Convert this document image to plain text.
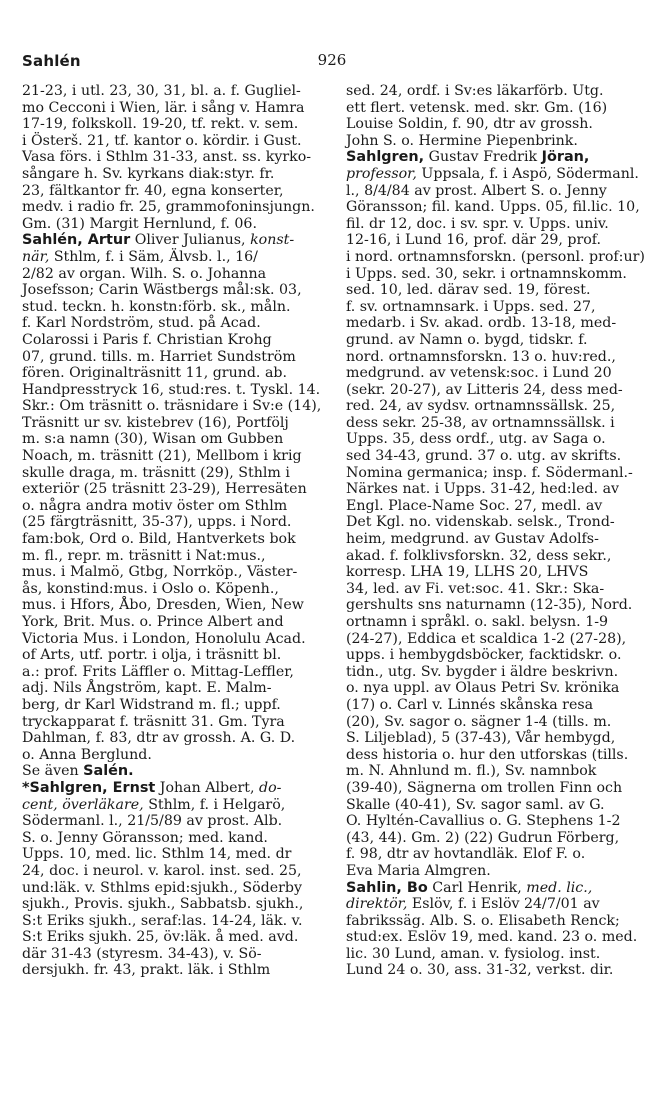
Sahlén	926
21-23, i utl. 23, 30, 31, bl. a. f. Gugliel-
mo Cecconi i Wien, lär. i sång v. Hamra
17-19, folkskoll. 19-20, tf. rekt. v. sem.
i Österš. 21, tf. kantor o. kördir. i Gust.
Vasa förs. i Sthlm 31-33, anst. ss. kyrko-
sångare h. Sv. kyrkans diak:styr. fr.
23, fältkantor fr. 40, egna konserter,
medv. i radio fr. 25, grammofoninsjungn.
Gm. (31) Margit Hernlund, f. 06.
Sahlén, Artur Oliver Julianus, konst-
när, Sthlm, f. i Säm, Älvsb. l., 16/
2/82 av organ. Wilh. S. o. Johanna
Josefsson; Carin Wästbergs mål:sk. 03,
stud. teckn. h. konstn:förb. sk., måln.
f. Karl Nordström, stud. på Acad.
Colarossi i Paris f. Christian Krohg
07, grund. tills. m. Harriet Sundström
fören. Originalträsnitt 11, grund. ab.
Handpresstryck 16, stud:res. t. Tyskl. 14.
Skr.: Om träsnitt o. träsnidare i Sv:e (14),
Träsnitt ur sv. kistebrev (16), Portfölj
m. s:a namn (30), Wisan om Gubben
Noach, m. träsnitt (21), Mellbom i krig
skulle draga, m. träsnitt (29), Sthlm i
exteriör (25 träsnitt 23-29), Herresäten
o. några andra motiv öster om Sthlm
(25 färgträsnitt, 35-37), upps. i Nord.
fam:bok, Ord o. Bild, Hantverkets bok
m. fl., repr. m. träsnitt i Nat:mus.,
mus. i Malmö, Gtbg, Norrköp., Väster-
ås, konstind:mus. i Oslo o. Köpenh.,
mus. i Hfors, Åbo, Dresden, Wien, New
York, Brit. Mus. o. Prince Albert and
Victoria Mus. i London, Honolulu Acad.
of Arts, utf. portr. i olja, i träsnitt bl.
a.: prof. Frits Läffler o. Mittag-Leffler,
adj. Nils Ångström, kapt. E. Malm-
berg, dr Karl Widstrand m. fl.; uppf.
tryckapparat f. träsnitt 31. Gm. Tyra
Dahlman, f. 83, dtr av grossh. A. G. D.
o. Anna Berglund.
Se även Salén.
*Sahlgren, Ernst Johan Albert, do-
cent, överläkare, Sthlm, f. i Helgarö,
Södermanl. l., 21/5/89 av prost. Alb.
S. o. Jenny Göransson; med. kand.
Upps. 10, med. lic. Sthlm 14, med. dr
24, doc. i neurol. v. karol. inst. sed. 25,
und:läk. v. Sthlms epid:sjukh., Söderby
sjukh., Provis. sjukh., Sabbatsb. sjukh.,
S:t Eriks sjukh., seraf:las. 14-24, läk. v.
S:t Eriks sjukh. 25, öv:läk. å med. avd.
där 31-43 (styresm. 34-43), v. Sö-
dersjukh. fr. 43, prakt. läk. i Sthlm
sed. 24, ordf. i Sv:es läkarförb. Utg.
ett flert. vetensk. med. skr. Gm. (16)
Louise Soldin, f. 90, dtr av grossh.
John S. o. Hermine Piepenbrink.
Sahlgren, Gustav Fredrik Jöran,
professor, Uppsala, f. i Aspö, Södermanl.
l., 8/4/84 av prost. Albert S. o. Jenny
Göransson; fil. kand. Upps. 05, fil.lic. 10,
fil. dr 12, doc. i sv. spr. v. Upps. univ.
12-16, i Lund 16, prof. där 29, prof.
i nord. ortnamnsforskn. (personl. prof:ur)
i Upps. sed. 30, sekr. i ortnamnskomm.
sed. 10, led. därav sed. 19, förest.
f. sv. ortnamnsark. i Upps. sed. 27,
medarb. i Sv. akad. ordb. 13-18, med-
grund. av Namn o. bygd, tidskr. f.
nord. ortnamnsforskn. 13 o. huv:red.,
medgrund. av vetensk:soc. i Lund 20
(sekr. 20-27), av Litteris 24, dess med-
red. 24, av sydsv. ortnamnssällsk. 25,
dess sekr. 25-38, av ortnamnssällsk. i
Upps. 35, dess ordf., utg. av Saga o.
sed 34-43, grund. 37 o. utg. av skrifts.
Nomina germanica; insp. f. Södermanl.-
Närkes nat. i Upps. 31-42, hed:led. av
Engl. Place-Name Soc. 27, medl. av
Det Kgl. no. videnskab. selsk., Trond-
heim, medgrund. av Gustav Adolfs-
akad. f. folklivsforskn. 32, dess sekr.,
korresp. LHA 19, LLHS 20, LHVS
34, led. av Fi. vet:soc. 41. Skr.: Ska-
gershults sns naturnamn (12-35), Nord.
ortnamn i språkl. o. sakl. belysn. 1-9
(24-27), Eddica et scaldica 1-2 (27-28),
upps. i hembygdsböcker, facktidskr. o.
tidn., utg. Sv. bygder i äldre beskrivn.
o. nya uppl. av Olaus Petri Sv. krönika
(17) o. Carl v. Linnés skånska resa
(20), Sv. sagor o. sägner 1-4 (tills. m.
S. Liljeblad), 5 (37-43), Vår hembygd,
dess historia o. hur den utforskas (tills.
m. N. Ahnlund m. fl.), Sv. namnbok
(39-40), Sägnerna om trollen Finn och
Skalle (40-41), Sv. sagor saml. av G.
O. Hyltén-Cavallius o. G. Stephens 1-2
(43, 44). Gm. 2) (22) Gudrun Förberg,
f. 98, dtr av hovtandläk. Elof F. o.
Eva Maria Almgren.
Sahlin, Bo Carl Henrik, med. lic.,
direktör, Eslöv, f. i Eslöv 24/7/01 av
fabrikssäg. Alb. S. o. Elisabeth Renck;
stud:ex. Eslöv 19, med. kand. 23 o. med.
lic. 30 Lund, aman. v. fysiolog. inst.
Lund 24 o. 30, ass. 31-32, verkst. dir.
